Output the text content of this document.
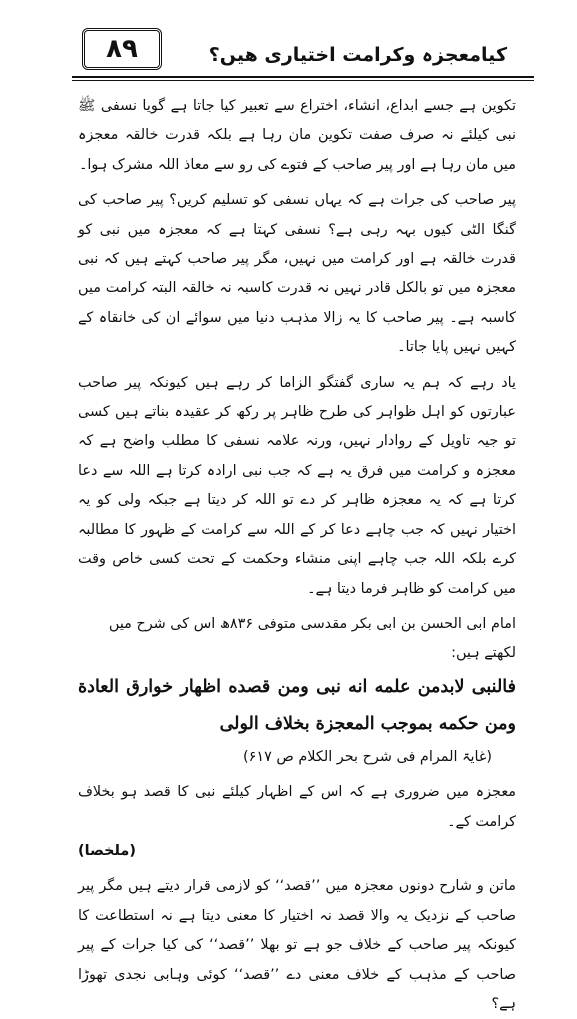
۸۹	کیامعجزہ وکرامت اختیاری ھیں؟

تکوین ہے جسے ابداع، انشاء، اختراع سے تعبیر کیا جاتا ہے گویا نسفی ﷺ نبی کیلئے نہ صرف صفت تکوین مان رہا ہے بلکہ قدرت خالقہ معجزہ میں مان رہا ہے اور پیر صاحب کے فتوے کی رو سے معاذ اللہ مشرک ہوا۔

پیر صاحب کی جرات ہے کہ یہاں نسفی کو تسلیم کریں؟ پیر صاحب کی گنگا الٹی کیوں بہہ رہی ہے؟ نسفی کہتا ہے کہ معجزہ میں نبی کو قدرت خالقہ ہے اور کرامت میں نہیں، مگر پیر صاحب کہتے ہیں کہ نبی معجزہ میں تو بالکل قادر نہیں نہ قدرت کاسبہ نہ خالقہ البتہ کرامت میں کاسبہ ہے۔ پیر صاحب کا یہ زالا مذہب دنیا میں سوائے ان کی خانقاہ کے کہیں نہیں پایا جاتا۔

یاد رہے کہ ہم یہ ساری گفتگو الزاما کر رہے ہیں کیونکہ پیر صاحب عبارتوں کو اہل ظواہر کی طرح ظاہر پر رکھ کر عقیدہ بناتے ہیں کسی تو جیہ تاویل کے روادار نہیں، ورنہ علامہ نسفی کا مطلب واضح ہے کہ معجزہ و کرامت میں فرق یہ ہے کہ جب نبی ارادہ کرتا ہے اللہ سے دعا کرتا ہے کہ یہ معجزہ ظاہر کر دے تو اللہ کر دیتا ہے جبکہ ولی کو یہ اختیار نہیں کہ جب چاہے دعا کر کے اللہ سے کرامت کے ظہور کا مطالبہ کرے بلکہ اللہ جب چاہے اپنی منشاء وحکمت کے تحت کسی خاص وقت میں کرامت کو ظاہر فرما دیتا ہے۔

امام ابی الحسن بن ابی بکر مقدسی متوفی ۸۳۶ھ اس کی شرح میں لکھتے ہیں:

فالنبی لابدمن علمه انه نبی ومن قصده اظهار خوارق العادة ومن حكمه بموجب المعجزة بخلاف الولی

(غایۃ المرام فی شرح بحر الکلام ص ۶۱۷)

معجزہ میں ضروری ہے کہ اس کے اظہار کیلئے نبی کا قصد ہو بخلاف کرامت کے۔

(ملخصا)

ماتن و شارح دونوں معجزہ میں ’’قصد‘‘ کو لازمی قرار دیتے ہیں مگر پیر صاحب کے نزدیک یہ والا قصد نہ اختیار کا معنی دیتا ہے نہ استطاعت کا کیونکہ پیر صاحب کے خلاف جو ہے تو بھلا ’’قصد‘‘ کی کیا جرات کے پیر صاحب کے مذہب کے خلاف معنی دے ’’قصد‘‘ کوئی وہابی نجدی تھوڑا ہے؟
